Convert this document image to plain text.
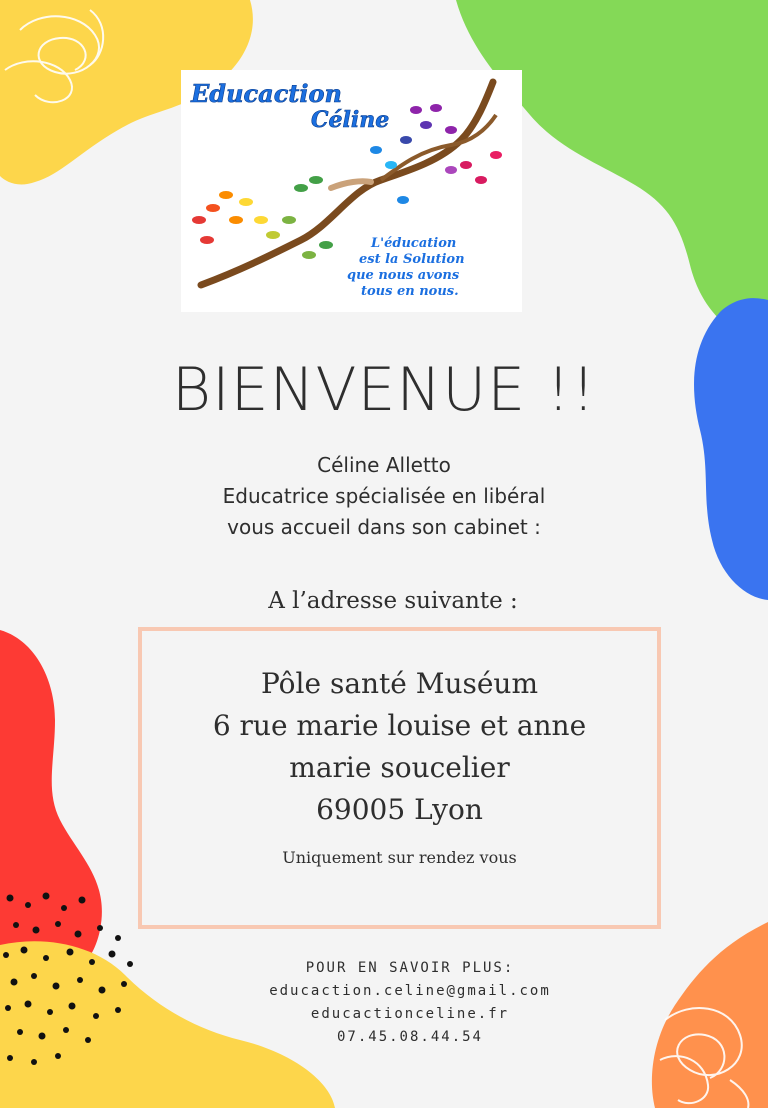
Educaction
Céline
L'éducation
est la Solution
que nous avons
tous en nous.
BIENVENUE !!
Céline Alletto
Educatrice spécialisée en libéral
vous accueil dans son cabinet :
A l’adresse suivante :
Pôle santé Muséum
6 rue marie louise et anne
marie soucelier
69005 Lyon
Uniquement sur rendez vous
POUR EN SAVOIR PLUS:
educaction.celine@gmail.com
educactionceline.fr
07.45.08.44.54
